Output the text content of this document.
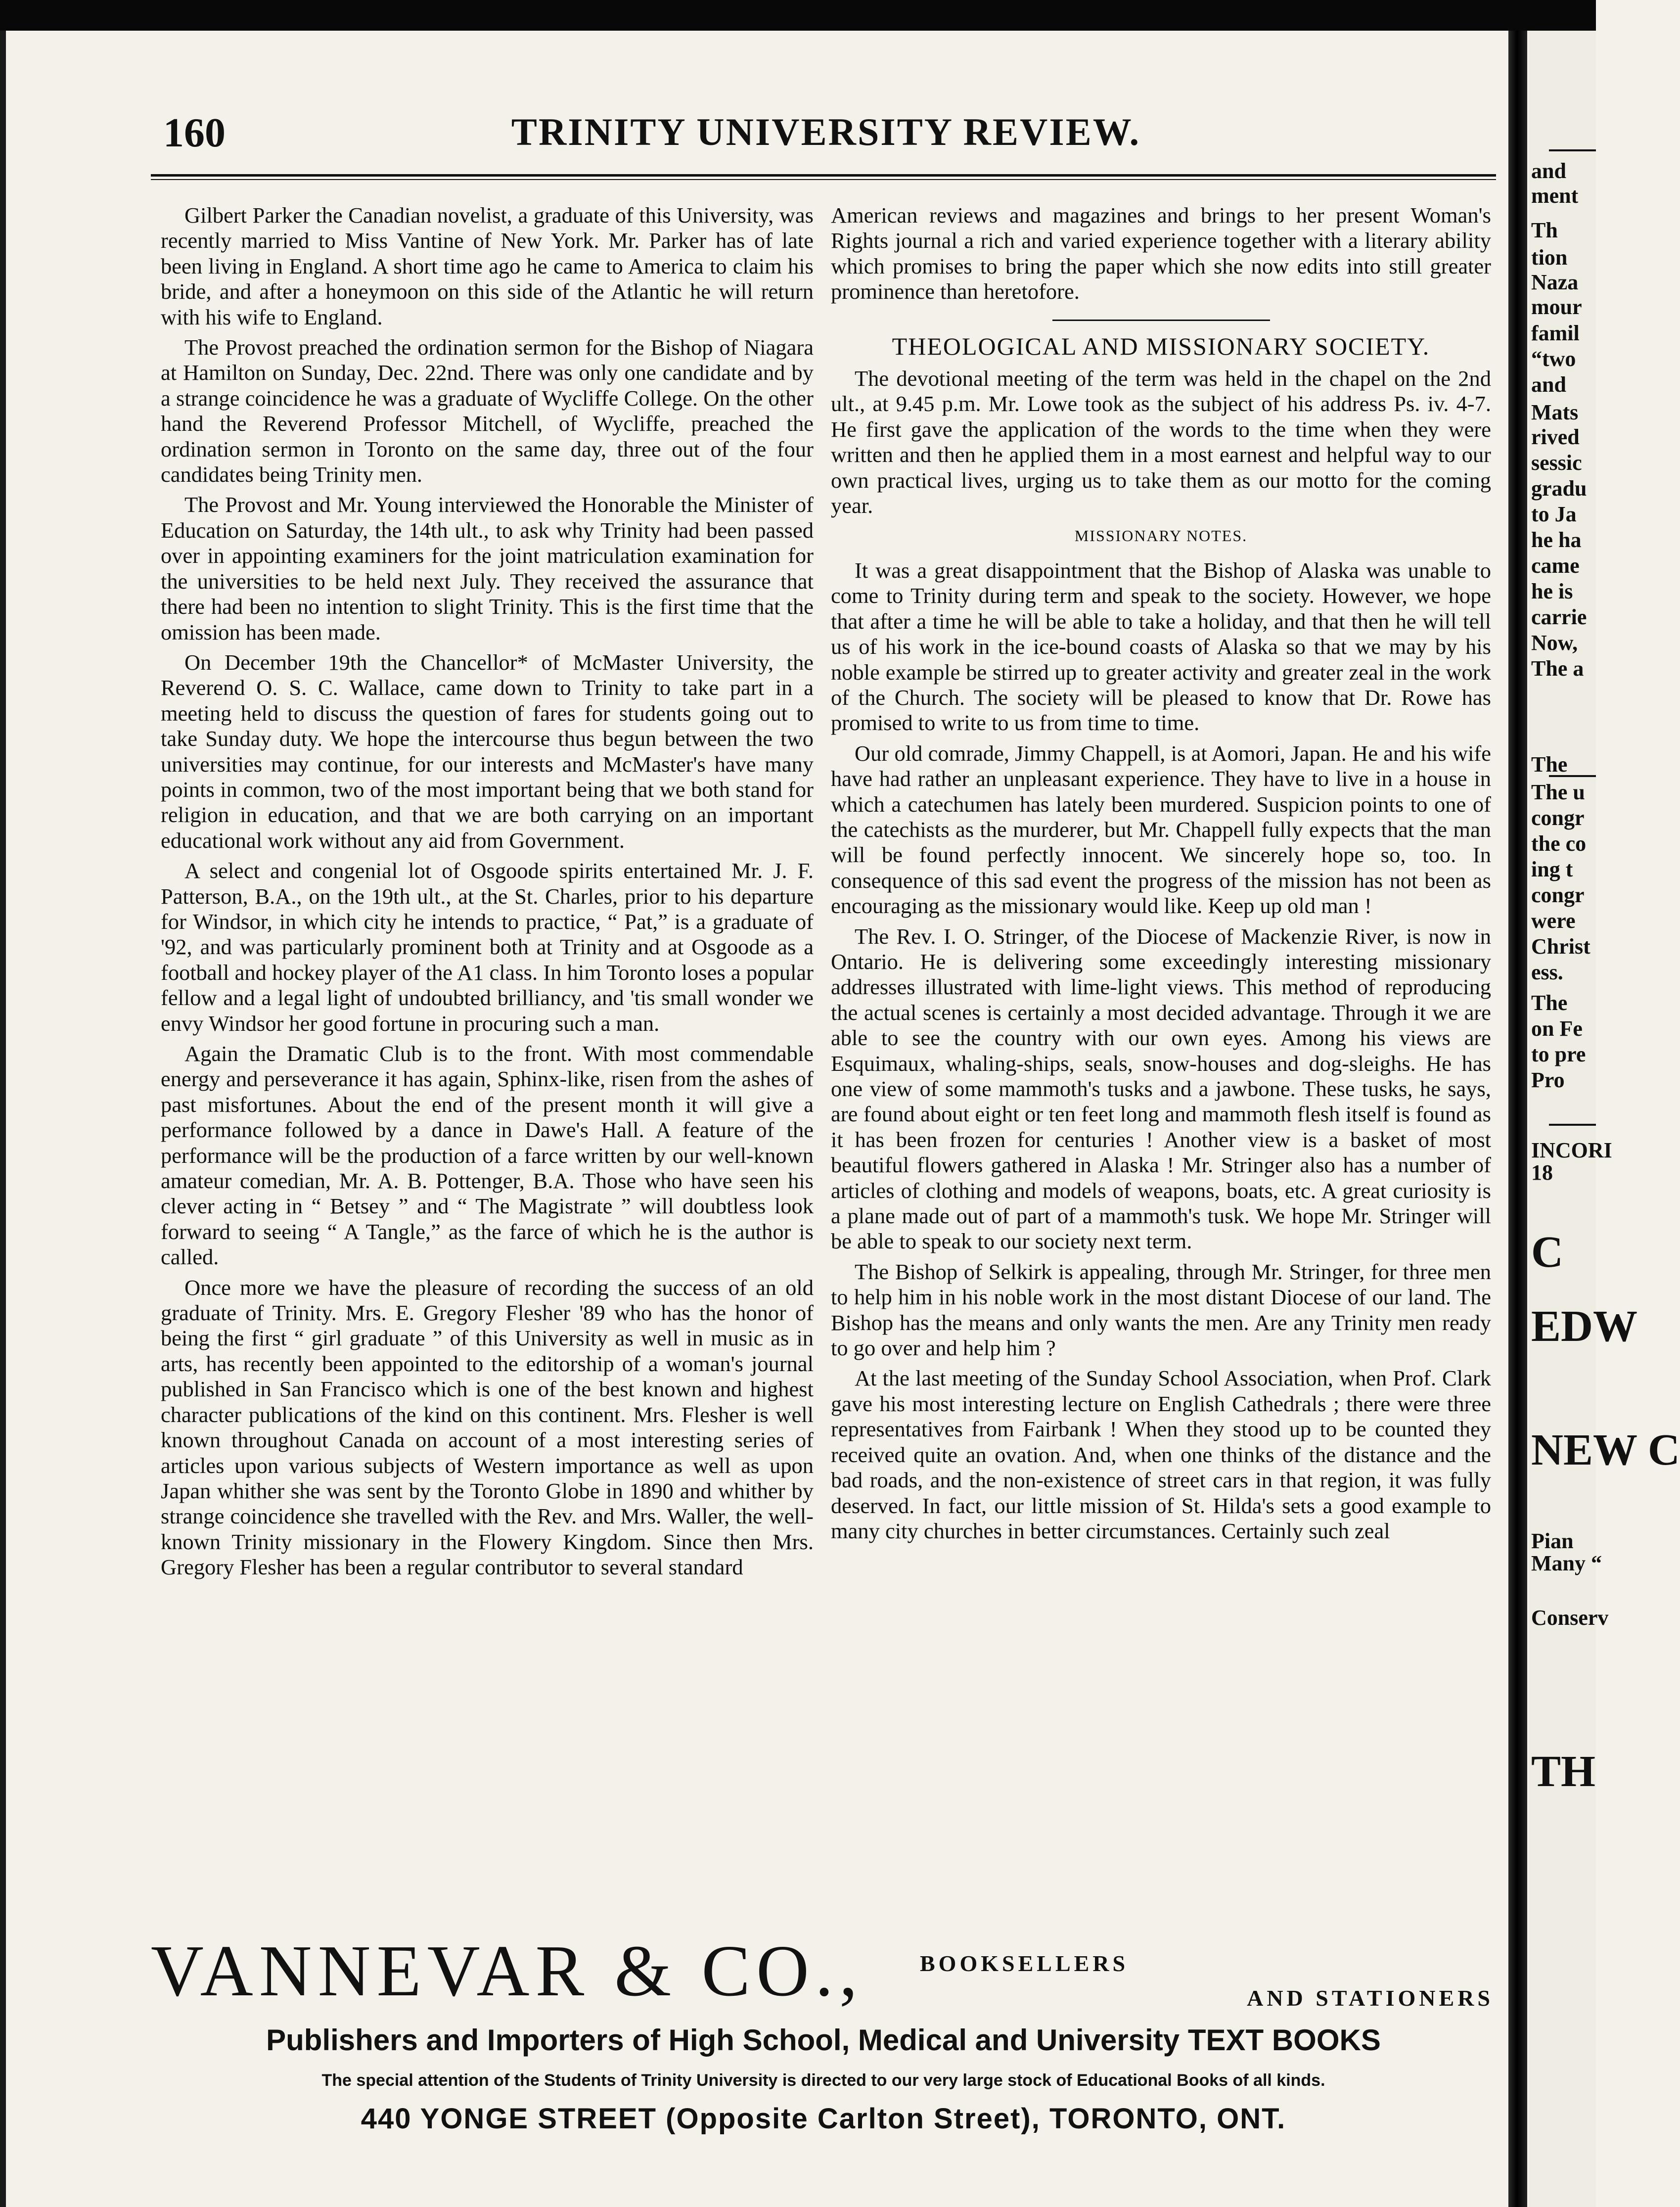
160	TRINITY UNIVERSITY REVIEW.

Gilbert Parker the Canadian novelist, a graduate of this University, was recently married to Miss Vantine of New York. Mr. Parker has of late been living in England. A short time ago he came to America to claim his bride, and after a honeymoon on this side of the Atlantic he will return with his wife to England.

The Provost preached the ordination sermon for the Bishop of Niagara at Hamilton on Sunday, Dec. 22nd. There was only one candidate and by a strange coincidence he was a graduate of Wycliffe College. On the other hand the Reverend Professor Mitchell, of Wycliffe, preached the ordination sermon in Toronto on the same day, three out of the four candidates being Trinity men.

The Provost and Mr. Young interviewed the Honorable the Minister of Education on Saturday, the 14th ult., to ask why Trinity had been passed over in appointing examiners for the joint matriculation examination for the universities to be held next July. They received the assurance that there had been no intention to slight Trinity. This is the first time that the omission has been made.

On December 19th the Chancellor* of McMaster University, the Reverend O. S. C. Wallace, came down to Trinity to take part in a meeting held to discuss the question of fares for students going out to take Sunday duty. We hope the intercourse thus begun between the two universities may continue, for our interests and McMaster's have many points in common, two of the most important being that we both stand for religion in education, and that we are both carrying on an important educational work without any aid from Government.

A select and congenial lot of Osgoode spirits entertained Mr. J. F. Patterson, B.A., on the 19th ult., at the St. Charles, prior to his departure for Windsor, in which city he intends to practice, “ Pat,” is a graduate of '92, and was particularly prominent both at Trinity and at Osgoode as a football and hockey player of the A1 class. In him Toronto loses a popular fellow and a legal light of undoubted brilliancy, and 'tis small wonder we envy Windsor her good fortune in procuring such a man.

Again the Dramatic Club is to the front. With most commendable energy and perseverance it has again, Sphinx-like, risen from the ashes of past misfortunes. About the end of the present month it will give a performance followed by a dance in Dawe's Hall. A feature of the performance will be the production of a farce written by our well-known amateur comedian, Mr. A. B. Pottenger, B.A. Those who have seen his clever acting in “ Betsey ” and “ The Magistrate ” will doubtless look forward to seeing “ A Tangle,” as the farce of which he is the author is called.

Once more we have the pleasure of recording the success of an old graduate of Trinity. Mrs. E. Gregory Flesher '89 who has the honor of being the first “ girl graduate ” of this University as well in music as in arts, has recently been appointed to the editorship of a woman's journal published in San Francisco which is one of the best known and highest character publications of the kind on this continent. Mrs. Flesher is well known throughout Canada on account of a most interesting series of articles upon various subjects of Western importance as well as upon Japan whither she was sent by the Toronto Globe in 1890 and whither by strange coincidence she travelled with the Rev. and Mrs. Waller, the well-known Trinity missionary in the Flowery Kingdom. Since then Mrs. Gregory Flesher has been a regular contributor to several standard

American reviews and magazines and brings to her present Woman's Rights journal a rich and varied experience together with a literary ability which promises to bring the paper which she now edits into still greater prominence than heretofore.

THEOLOGICAL AND MISSIONARY SOCIETY.

The devotional meeting of the term was held in the chapel on the 2nd ult., at 9.45 p.m. Mr. Lowe took as the subject of his address Ps. iv. 4-7. He first gave the application of the words to the time when they were written and then he applied them in a most earnest and helpful way to our own practical lives, urging us to take them as our motto for the coming year.

MISSIONARY NOTES.

It was a great disappointment that the Bishop of Alaska was unable to come to Trinity during term and speak to the society. However, we hope that after a time he will be able to take a holiday, and that then he will tell us of his work in the ice-bound coasts of Alaska so that we may by his noble example be stirred up to greater activity and greater zeal in the work of the Church. The society will be pleased to know that Dr. Rowe has promised to write to us from time to time.

Our old comrade, Jimmy Chappell, is at Aomori, Japan. He and his wife have had rather an unpleasant experience. They have to live in a house in which a catechumen has lately been murdered. Suspicion points to one of the catechists as the murderer, but Mr. Chappell fully expects that the man will be found perfectly innocent. We sincerely hope so, too. In consequence of this sad event the progress of the mission has not been as encouraging as the missionary would like. Keep up old man !

The Rev. I. O. Stringer, of the Diocese of Mackenzie River, is now in Ontario. He is delivering some exceedingly interesting missionary addresses illustrated with lime-light views. This method of reproducing the actual scenes is certainly a most decided advantage. Through it we are able to see the country with our own eyes. Among his views are Esquimaux, whaling-ships, seals, snow-houses and dog-sleighs. He has one view of some mammoth's tusks and a jawbone. These tusks, he says, are found about eight or ten feet long and mammoth flesh itself is found as it has been frozen for centuries ! Another view is a basket of most beautiful flowers gathered in Alaska ! Mr. Stringer also has a number of articles of clothing and models of weapons, boats, etc. A great curiosity is a plane made out of part of a mammoth's tusk. We hope Mr. Stringer will be able to speak to our society next term.

The Bishop of Selkirk is appealing, through Mr. Stringer, for three men to help him in his noble work in the most distant Diocese of our land. The Bishop has the means and only wants the men. Are any Trinity men ready to go over and help him ?

At the last meeting of the Sunday School Association, when Prof. Clark gave his most interesting lecture on English Cathedrals ; there were three representatives from Fairbank ! When they stood up to be counted they received quite an ovation. And, when one thinks of the distance and the bad roads, and the non-existence of street cars in that region, it was fully deserved. In fact, our little mission of St. Hilda's sets a good example to many city churches in better circumstances. Certainly such zeal

VANNEVAR & CO., BOOKSELLERS
AND STATIONERS
Publishers and Importers of High School, Medical and University TEXT BOOKS
The special attention of the Students of Trinity University is directed to our very large stock of Educational Books of all kinds.
440 YONGE STREET (Opposite Carlton Street), TORONTO, ONT.
and
ment
Th
tion
Naza
mour
famil
“two
and
Mats
rived
sessic
gradu
to Ja
he ha
came
he is
carrie
Now,
The a
The
The u
congr
the co
ing t
congr
were
Christ
ess.
The
on Fe
to pre
Pro
INCORI
18
C
EDW
NEW C
Pian
Many “
Conserv
TH
